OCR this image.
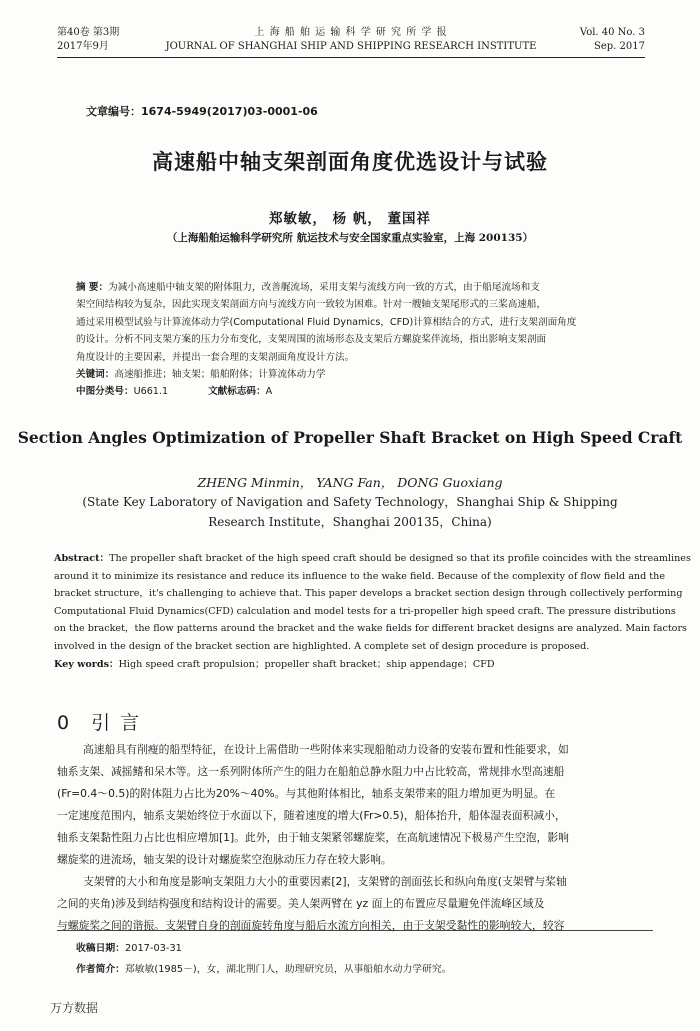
第40卷 第3期
2017年9月
上 海 船 舶 运 输 科 学 研 究 所 学 报
JOURNAL OF SHANGHAI SHIP AND SHIPPING RESEARCH INSTITUTE
Vol. 40 No. 3
Sep. 2017
文章编号：1674-5949(2017)03-0001-06
高速船中轴支架剖面角度优选设计与试验
郑敏敏， 杨 帆， 董国祥
（上海船舶运输科学研究所 航运技术与安全国家重点实验室，上海 200135）

摘 要：为减小高速船中轴支架的附体阻力，改善艉流场，采用支架与流线方向一致的方式，由于船尾流场和支

架空间结构较为复杂，因此实现支架剖面方向与流线方向一致较为困难。针对一艘轴支架尾形式的三桨高速船，

通过采用模型试验与计算流体动力学(Computational Fluid Dynamics，CFD)计算相结合的方式，进行支架剖面角度

的设计。分析不同支架方案的压力分布变化，支架周围的流场形态及支架后方螺旋桨伴流场，指出影响支架剖面

角度设计的主要因素，并提出一套合理的支架剖面角度设计方法。

关键词：高速船推进；轴支架；船舶附体；计算流体动力学

中图分类号：U661.1	文献标志码：A

Section Angles Optimization of Propeller Shaft Bracket on High Speed Craft
ZHENG Minmin， YANG Fan， DONG Guoxiang
(State Key Laboratory of Navigation and Safety Technology，Shanghai Ship & Shipping
Research Institute，Shanghai 200135，China)

Abstract：The propeller shaft bracket of the high speed craft should be designed so that its profile coincides with the streamlines

around it to minimize its resistance and reduce its influence to the wake field. Because of the complexity of flow field and the

bracket structure，it's challenging to achieve that. This paper develops a bracket section design through collectively performing

Computational Fluid Dynamics(CFD) calculation and model tests for a tri-propeller high speed craft. The pressure distributions

on the bracket，the flow patterns around the bracket and the wake fields for different bracket designs are analyzed. Main factors

involved in the design of the bracket section are highlighted. A complete set of design procedure is proposed.

Key words：High speed craft propulsion；propeller shaft bracket；ship appendage；CFD

0 引言

高速船具有削瘦的船型特征，在设计上需借助一些附体来实现船舶动力设备的安装布置和性能要求，如

轴系支架、减摇鳍和呆木等。这一系列附体所产生的阻力在船舶总静水阻力中占比较高，常规排水型高速船

(Fr=0.4～0.5)的附体阻力占比为20%～40%。与其他附体相比，轴系支架带来的阻力增加更为明显。在

一定速度范围内，轴系支架始终位于水面以下，随着速度的增大(Fr>0.5)，船体抬升，船体湿表面积减小，

轴系支架黏性阻力占比也相应增加[1]。此外，由于轴支架紧邻螺旋桨，在高航速情况下极易产生空泡，影响

螺旋桨的进流场，轴支架的设计对螺旋桨空泡脉动压力存在较大影响。

支架臂的大小和角度是影响支架阻力大小的重要因素[2]，支架臂的剖面弦长和纵向角度(支架臂与桨轴

之间的夹角)涉及到结构强度和结构设计的需要。美人架两臂在 yz 面上的布置应尽量避免伴流峰区域及

与螺旋桨之间的谐振。支架臂自身的剖面旋转角度与船后水流方向相关，由于支架受黏性的影响较大，较容

收稿日期：2017-03-31

作者简介：郑敏敏(1985－)，女，湖北荆门人，助理研究员，从事船舶水动力学研究。

万方数据
